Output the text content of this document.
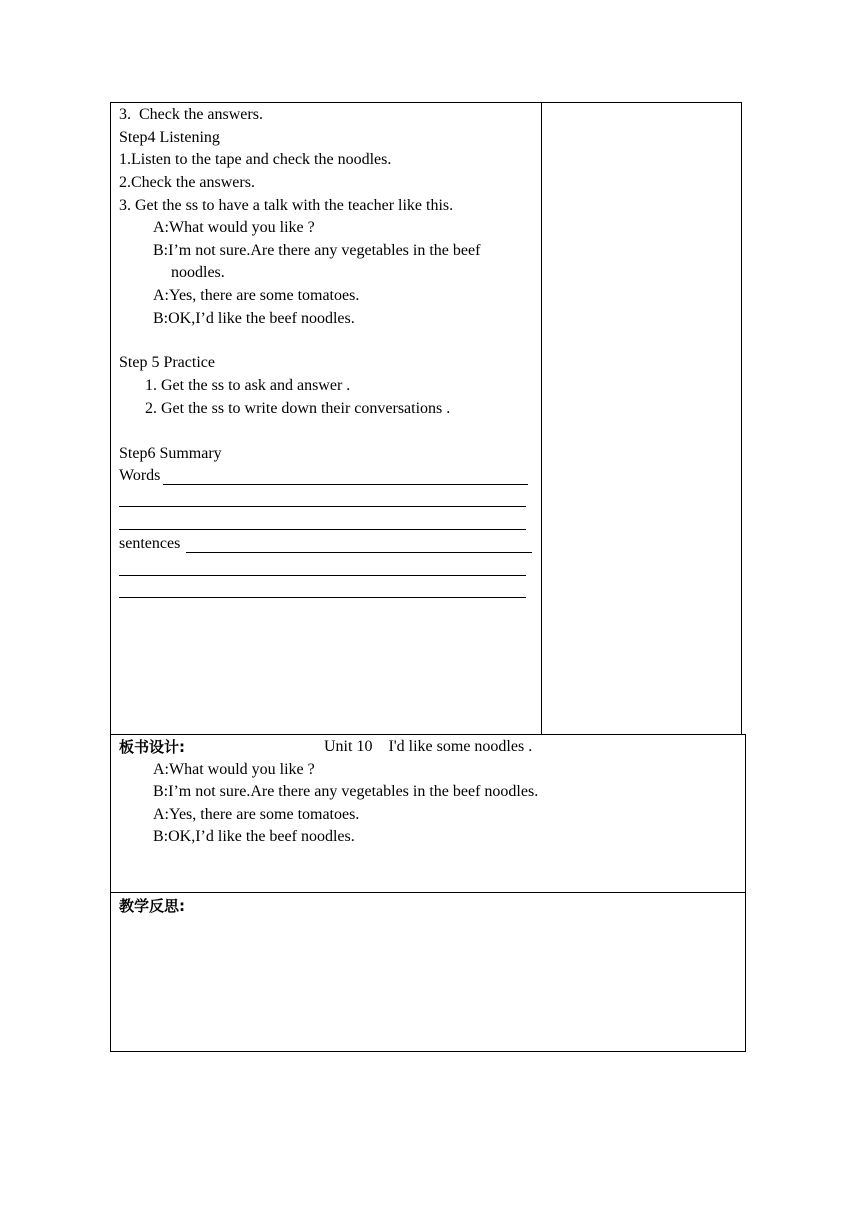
3.  Check the answers.
Step4 Listening
1.Listen to the tape and check the noodles.
2.Check the answers.
3. Get the ss to have a talk with the teacher like this.
A:What would you like ?
B:I’m not sure.Are there any vegetables in the beef
noodles.
A:Yes, there are some tomatoes.
B:OK,I’d like the beef noodles.
Step 5 Practice
1. Get the ss to ask and answer .
2. Get the ss to write down their conversations .
Step6 Summary
Words
sentences
板书设计:	Unit 10    I'd like some noodles .
A:What would you like ?
B:I’m not sure.Are there any vegetables in the beef noodles.
A:Yes, there are some tomatoes.
B:OK,I’d like the beef noodles.
教学反思:
